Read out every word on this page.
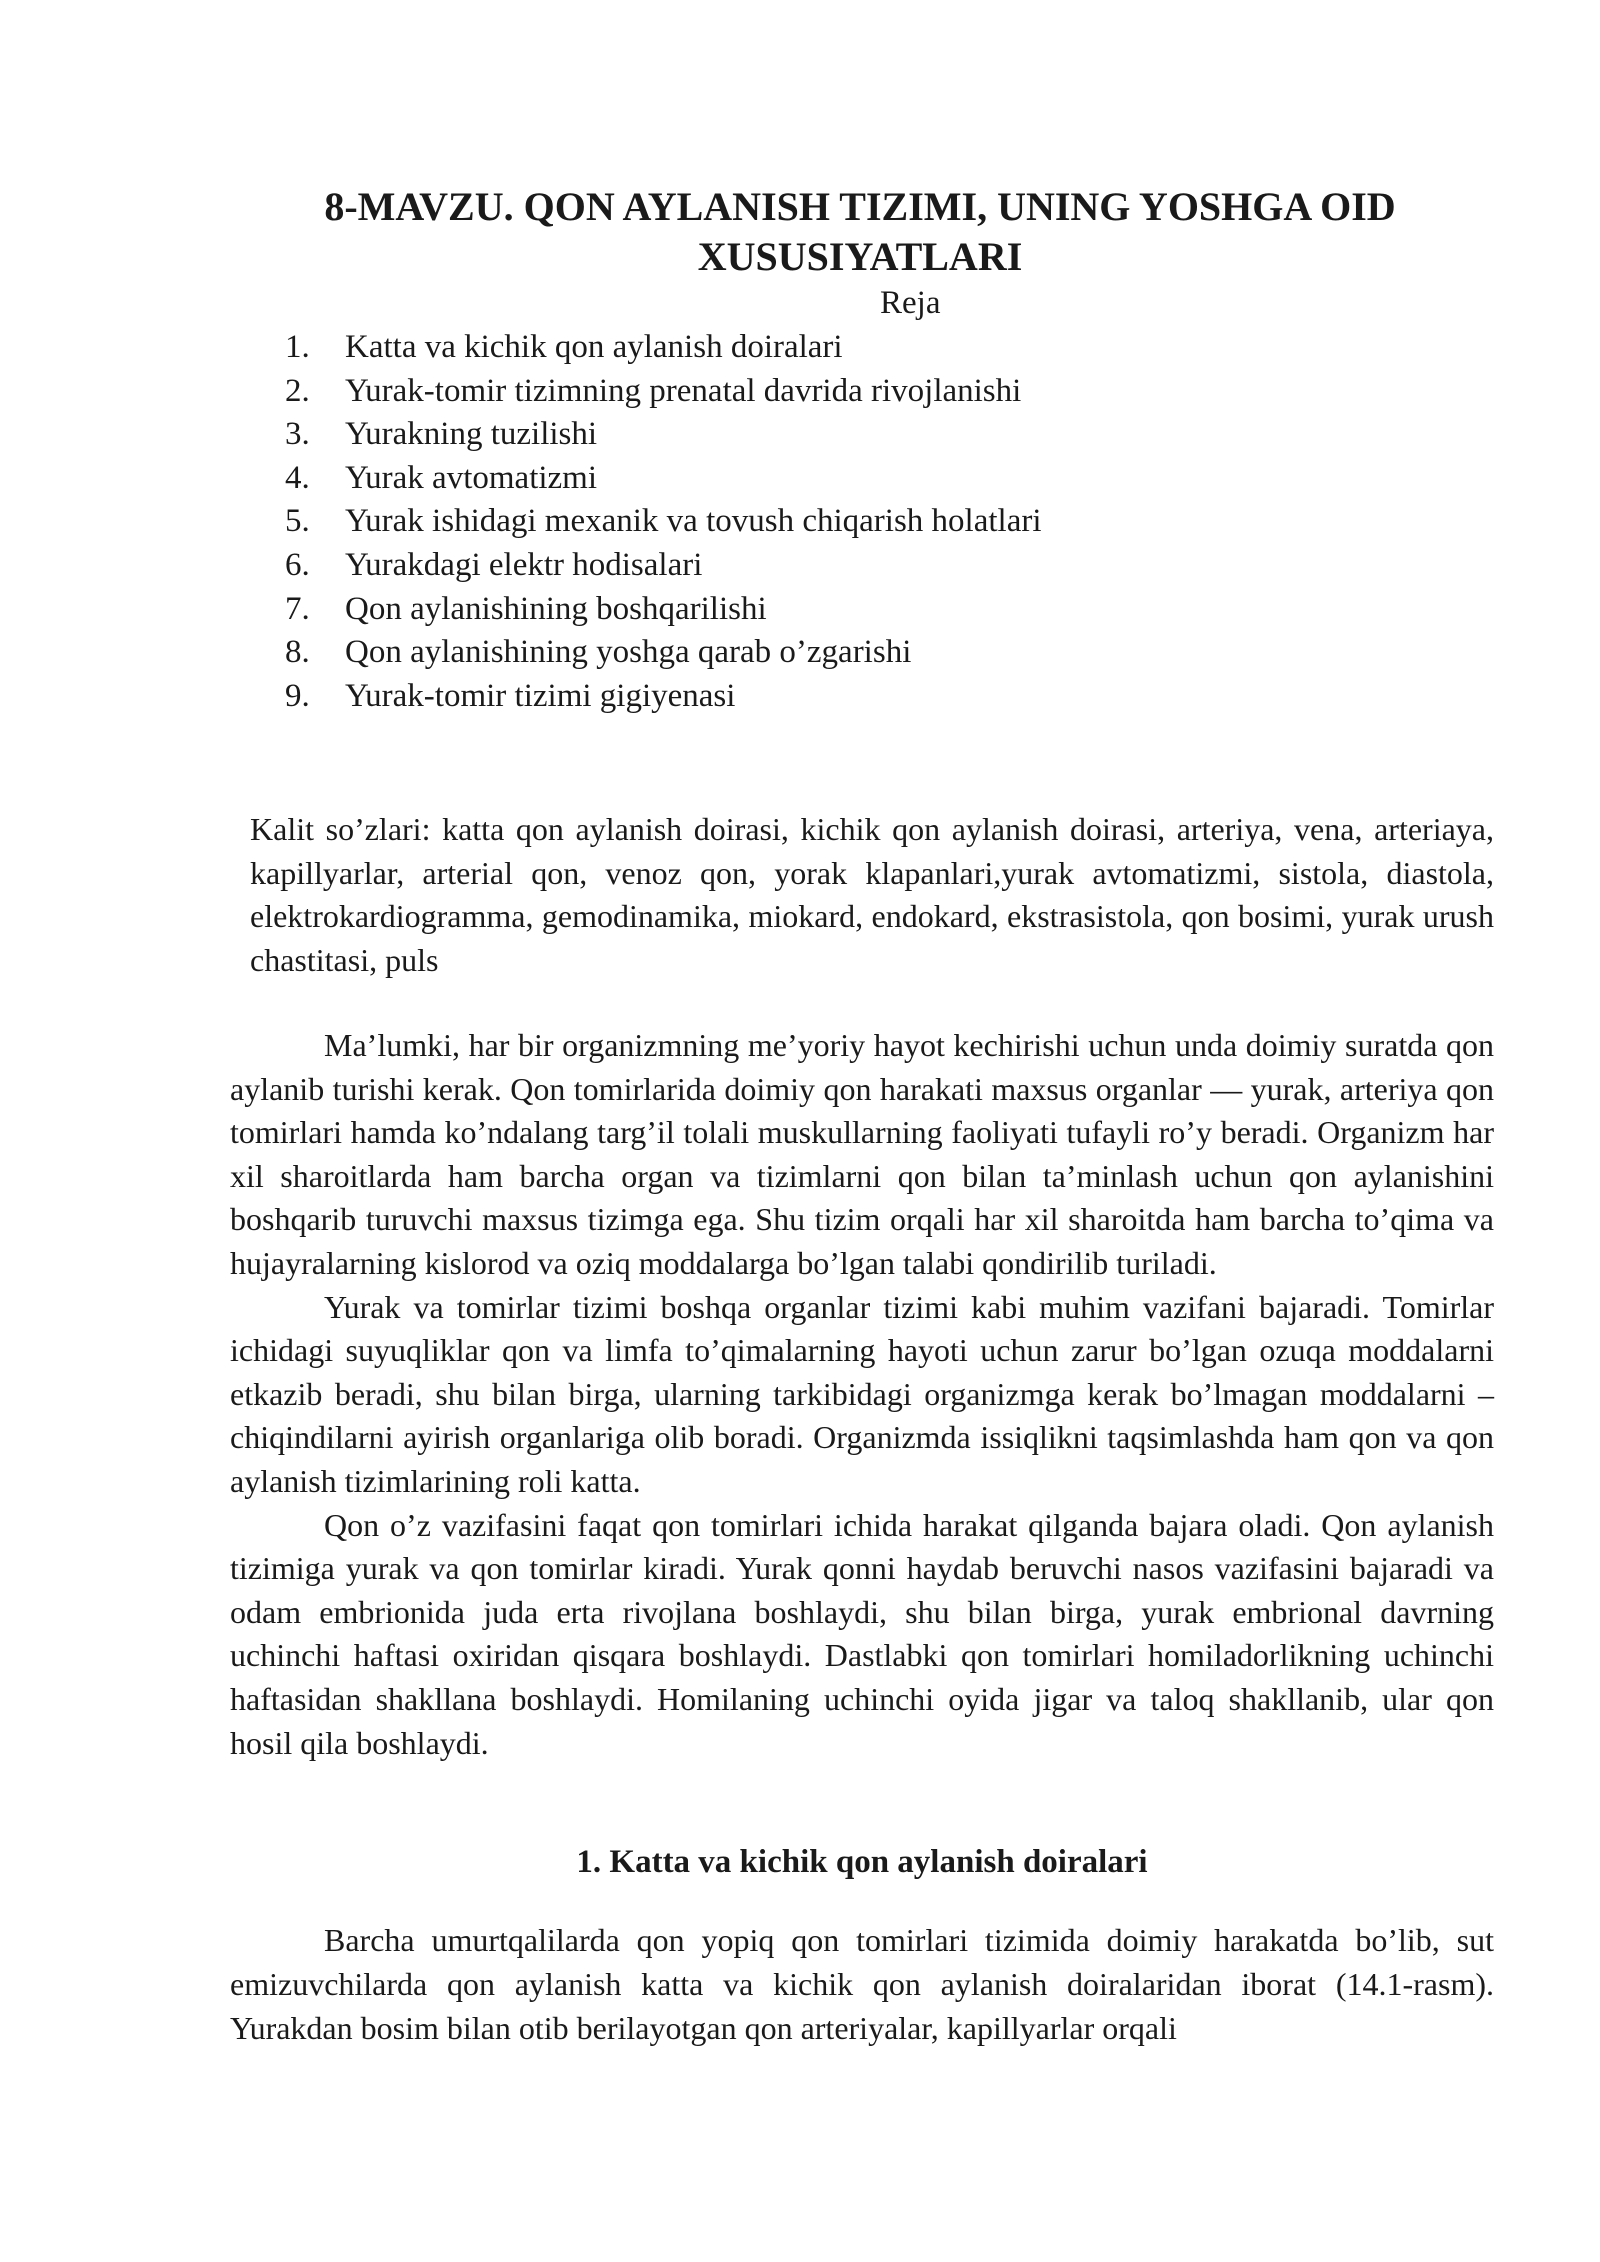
8-MAVZU. QON AYLANISH TIZIMI, UNING YOSHGA OID
XUSUSIYATLARI
Reja
1. Katta va kichik qon aylanish doiralari
2. Yurak-tomir tizimning prenatal davrida rivojlanishi
3. Yurakning tuzilishi
4. Yurak avtomatizmi
5. Yurak ishidagi mexanik va tovush chiqarish holatlari
6. Yurakdagi elektr hodisalari
7. Qon aylanishining boshqarilishi
8. Qon aylanishining yoshga qarab o’zgarishi
9. Yurak-tomir tizimi gigiyenasi

Kalit so’zlari: katta qon aylanish doirasi, kichik qon aylanish doirasi, arteriya, vena, arteriaya, kapillyarlar, arterial qon, venoz qon, yorak klapanlari,yurak avtomatizmi, sistola, diastola, elektrokardiogramma, gemodinamika, miokard, endokard, ekstrasistola, qon bosimi, yurak urush chastitasi, puls

Ma’lumki, har bir organizmning me’yoriy hayot kechirishi uchun unda doimiy suratda qon aylanib turishi kerak. Qon tomirlarida doimiy qon harakati maxsus organlar — yurak, arteriya qon tomirlari hamda ko’ndalang targ’il tolali muskullarning faoliyati tufayli ro’y beradi. Organizm har xil sharoitlarda ham barcha organ va tizimlarni qon bilan ta’minlash uchun qon aylanishini boshqarib turuvchi maxsus tizimga ega. Shu tizim orqali har xil sharoitda ham barcha to’qima va hujayralarning kislorod va oziq moddalarga bo’lgan talabi qondirilib turiladi.

Yurak va tomirlar tizimi boshqa organlar tizimi kabi muhim vazifani bajaradi. Tomirlar ichidagi suyuqliklar qon va limfa to’qimalarning hayoti uchun zarur bo’lgan ozuqa moddalarni etkazib beradi, shu bilan birga, ularning tarkibidagi organizmga kerak bo’lmagan moddalarni – chiqindilarni ayirish organlariga olib boradi. Organizmda issiqlikni taqsimlashda ham qon va qon aylanish tizimlarining roli katta.

Qon o’z vazifasini faqat qon tomirlari ichida harakat qilganda bajara oladi. Qon aylanish tizimiga yurak va qon tomirlar kiradi. Yurak qonni haydab beruvchi nasos vazifasini bajaradi va odam embrionida juda erta rivojlana boshlaydi, shu bilan birga, yurak embrional davrning uchinchi haftasi oxiridan qisqara boshlaydi. Dastlabki qon tomirlari homiladorlikning uchinchi haftasidan shakllana boshlaydi. Homilaning uchinchi oyida jigar va taloq shakllanib, ular qon hosil qila boshlaydi.

1. Katta va kichik qon aylanish doiralari

Barcha umurtqalilarda qon yopiq qon tomirlari tizimida doimiy harakatda bo’lib, sut emizuvchilarda qon aylanish katta va kichik qon aylanish doiralaridan iborat (14.1-rasm). Yurakdan bosim bilan otib berilayotgan qon arteriyalar, kapillyarlar orqali
